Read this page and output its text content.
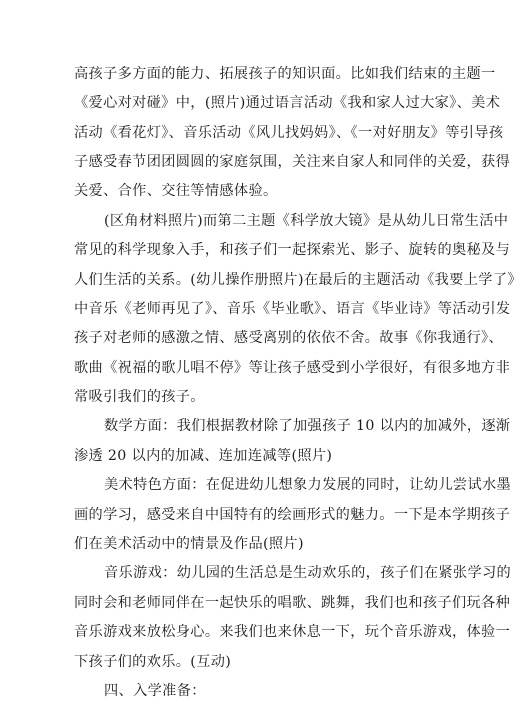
高孩子多方面的能力、拓展孩子的知识面。比如我们结束的主题一
《爱心对对碰》中，(照片)通过语言活动《我和家人过大家》、美术
活动《看花灯》、音乐活动《风儿找妈妈》、《一对好朋友》等引导孩
子感受春节团团圆圆的家庭氛围，关注来自家人和同伴的关爱，获得
关爱、合作、交往等情感体验。
(区角材料照片)而第二主题《科学放大镜》是从幼儿日常生活中
常见的科学现象入手，和孩子们一起探索光、影子、旋转的奥秘及与
人们生活的关系。(幼儿操作册照片)在最后的主题活动《我要上学了》
中音乐《老师再见了》、音乐《毕业歌》、语言《毕业诗》等活动引发
孩子对老师的感激之情、感受离别的依依不舍。故事《你我通行》、
歌曲《祝福的歌儿唱不停》等让孩子感受到小学很好，有很多地方非
常吸引我们的孩子。
数学方面：我们根据教材除了加强孩子 10 以内的加减外，逐渐
渗透 20 以内的加减、连加连减等(照片)
美术特色方面：在促进幼儿想象力发展的同时，让幼儿尝试水墨
画的学习，感受来自中国特有的绘画形式的魅力。一下是本学期孩子
们在美术活动中的情景及作品(照片)
音乐游戏：幼儿园的生活总是生动欢乐的，孩子们在紧张学习的
同时会和老师同伴在一起快乐的唱歌、跳舞，我们也和孩子们玩各种
音乐游戏来放松身心。来我们也来休息一下，玩个音乐游戏，体验一
下孩子们的欢乐。(互动)
四、入学准备：
